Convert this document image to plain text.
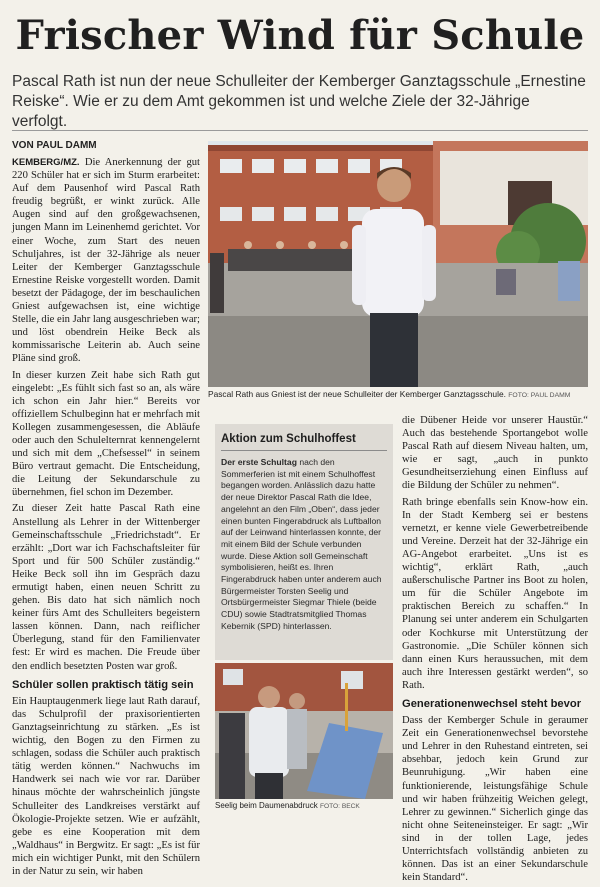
Frischer Wind für Schule
Pascal Rath ist nun der neue Schulleiter der Kemberger Ganztagsschule „Ernestine Reiske“. Wie er zu dem Amt gekommen ist und welche Ziele der 32-Jährige verfolgt.
VON PAUL DAMM

KEMBERG/MZ. Die Anerkennung der gut 220 Schüler hat er sich im Sturm erarbeitet: Auf dem Pausenhof wird Pascal Rath freudig begrüßt, er winkt zurück. Alle Augen sind auf den großgewachsenen, jungen Mann im Leinenhemd gerichtet. Vor einer Woche, zum Start des neuen Schuljahres, ist der 32-Jährige als neuer Leiter der Kemberger Ganztagsschule Ernestine Reiske vorgestellt worden. Damit besetzt der Pädagoge, der im beschaulichen Gniest aufgewachsen ist, eine wichtige Stelle, die ein Jahr lang ausgeschrieben war; und löst obendrein Heike Beck als kommissarische Leiterin ab. Auch seine Pläne sind groß.

In dieser kurzen Zeit habe sich Rath gut eingelebt: „Es fühlt sich fast so an, als wäre ich schon ein Jahr hier.“ Bereits vor offiziellem Schulbeginn hat er mehrfach mit Kollegen zusammengesessen, die Abläufe oder auch den Schulelternrat kennengelernt und sich mit dem „Chefsessel“ in seinem Büro vertraut gemacht. Die Entscheidung, die Leitung der Sekundarschule zu übernehmen, fiel schon im Dezember.

Zu dieser Zeit hatte Pascal Rath eine Anstellung als Lehrer in der Wittenberger Gemeinschaftsschule „Friedrichstadt“. Er erzählt: „Dort war ich Fachschaftsleiter für Sport und für 500 Schüler zuständig.“ Heike Beck soll ihn im Gespräch dazu ermutigt haben, einen neuen Schritt zu gehen. Bis dato hat sich nämlich noch keiner fürs Amt des Schulleiters begeistern lassen können. Dann, nach reiflicher Überlegung, stand für den Familienvater fest: Er wird es machen. Die Freude über den endlich besetzten Posten war groß.

Schüler sollen praktisch tätig sein

Ein Hauptaugenmerk liege laut Rath darauf, das Schulprofil der praxisorientierten Ganztagseinrichtung zu stärken. „Es ist wichtig, den Bogen zu den Firmen zu schlagen, sodass die Schüler auch praktisch tätig werden können.“ Nachwuchs im Handwerk sei nach wie vor rar. Darüber hinaus möchte der wahrscheinlich jüngste Schulleiter des Landkreises verstärkt auf Ökologie-Projekte setzen. Wie er aufzählt, gebe es eine Kooperation mit dem „Waldhaus“ in Bergwitz. Er sagt: „Es ist für mich ein wichtiger Punkt, mit den Schülern in der Natur zu sein, wir haben

Pascal Rath aus Gniest ist der neue Schulleiter der Kemberger Ganztagsschule. FOTO: PAUL DAMM
Aktion zum Schulhoffest
Der erste Schultag nach den Sommerferien ist mit einem Schulhoffest begangen worden. Anlässlich dazu hatte der neue Direktor Pascal Rath die Idee, angelehnt an den Film „Oben“, dass jeder einen bunten Fingerabdruck als Luftballon auf der Leinwand hinterlassen konnte, der mit einem Bild der Schule verbunden wurde. Diese Aktion soll Gemeinschaft symbolisieren, heißt es. Ihren Fingerabdruck haben unter anderem auch Bürgermeister Torsten Seelig und Ortsbürgermeister Siegmar Thiele (beide CDU) sowie Stadtratsmitglied Thomas Kebernik (SPD) hinterlassen.
Seelig beim Daumenabdruck FOTO: BECK

die Dübener Heide vor unserer Haustür.“ Auch das bestehende Sportangebot wolle Pascal Rath auf diesem Niveau halten, um, wie er sagt, „auch in punkto Gesundheitserziehung einen Einfluss auf die Bildung der Schüler zu nehmen“.

Rath bringe ebenfalls sein Know-how ein. In der Stadt Kemberg sei er bestens vernetzt, er kenne viele Gewerbetreibende und Vereine. Derzeit hat der 32-Jährige ein AG-Angebot erarbeitet. „Uns ist es wichtig“, erklärt Rath, „auch außerschulische Partner ins Boot zu holen, um für die Schüler Angebote im praktischen Bereich zu schaffen.“ In Planung sei unter anderem ein Schulgarten oder Kochkurse mit Unterstützung der Gastronomie. „Die Schüler können sich dann einen Kurs heraussuchen, mit dem auch ihre Interessen gestärkt werden“, so Rath.

Generationenwechsel steht bevor

Dass der Kemberger Schule in geraumer Zeit ein Generationenwechsel bevorstehe und Lehrer in den Ruhestand eintreten, sei absehbar, jedoch kein Grund zur Beunruhigung. „Wir haben eine funktionierende, leistungsfähige Schule und wir haben frühzeitig Weichen gelegt, Lehrer zu gewinnen.“ Sicherlich ginge das nicht ohne Seiteneinsteiger. Er sagt: „Wir sind in der tollen Lage, jedes Unterrichtsfach vollständig anbieten zu können. Das ist an einer Sekundarschule kein Standard“.
